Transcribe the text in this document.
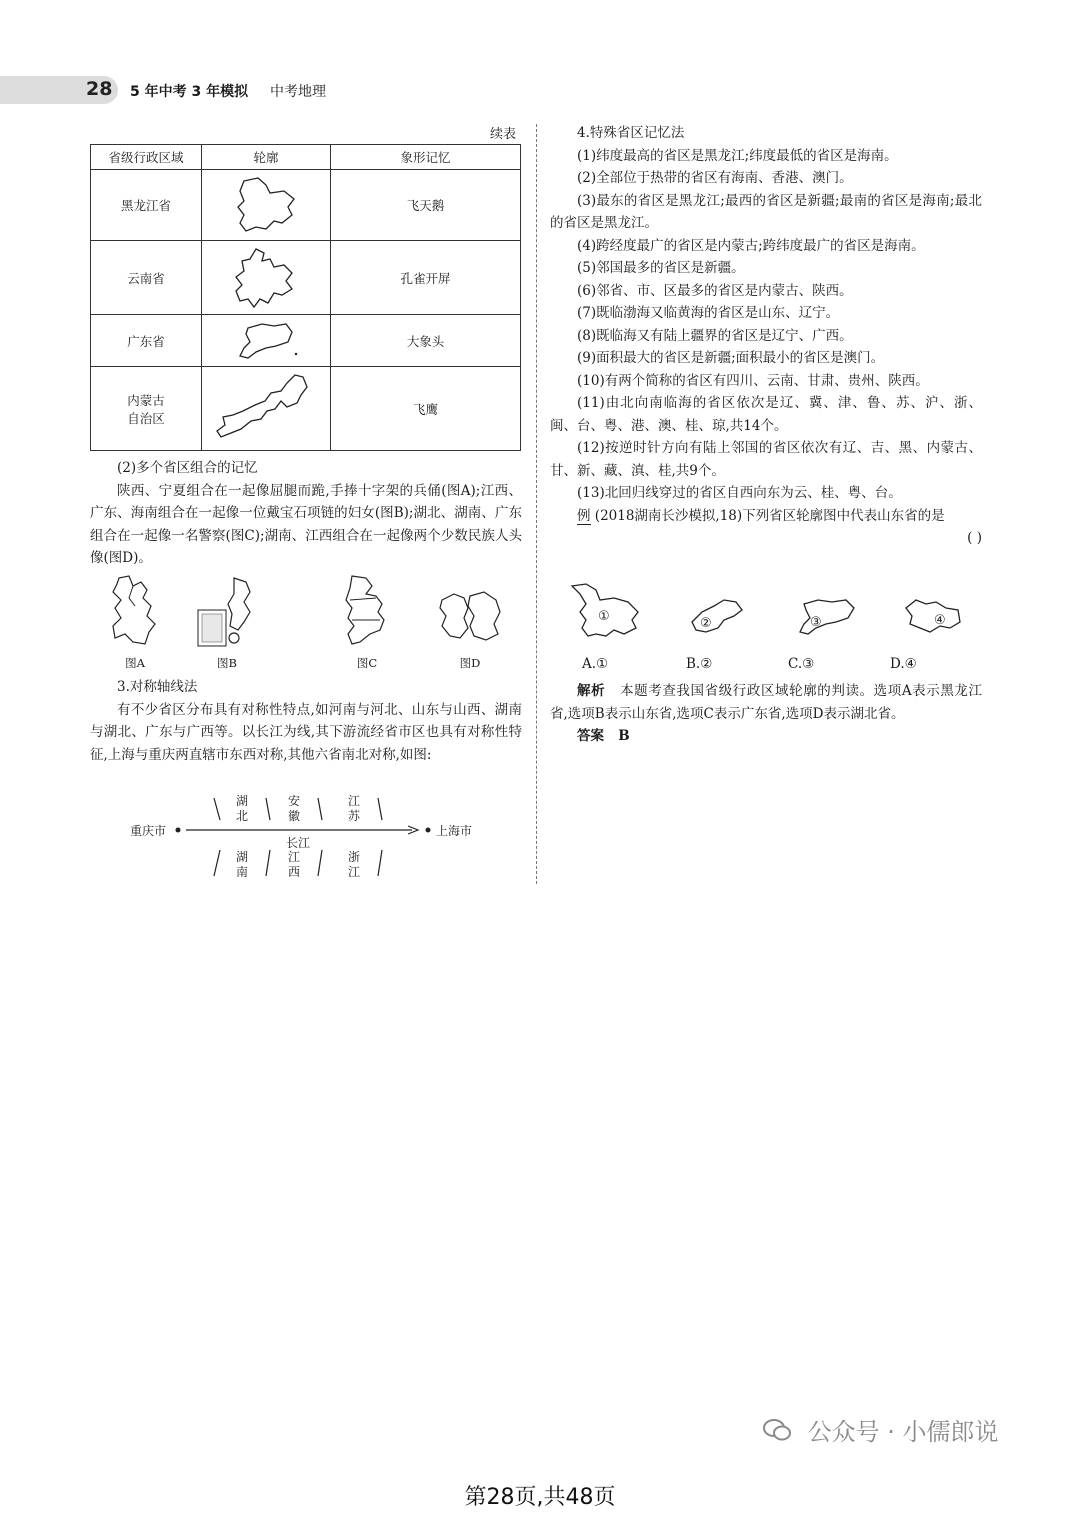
28 5 年中考 3 年模拟 中考地理
续表
省级行政区域	轮廓	象形记忆
黑龙江省		飞天鹅
云南省		孔雀开屏
广东省		大象头

内蒙古
自治区		飞鹰
(2)多个省区组合的记忆

陕西、宁夏组合在一起像屈腿而跪,手捧十字架的兵俑(图A);江西、广东、海南组合在一起像一位戴宝石项链的妇女(图B);湖北、湖南、广东组合在一起像一名警察(图C);湖南、江西组合在一起像两个少数民族人头像(图D)。

图A	图B	图C	图D
3.对称轴线法

有不少省区分布具有对称性特点,如河南与河北、山东与山西、湖南与湖北、广东与广西等。以长江为线,其下游流经省市区也具有对称性特征,上海与重庆两直辖市东西对称,其他六省南北对称,如图:

重庆市	上海市
长江
湖
北
安
徽
江
苏
湖
南
江
西
浙
江
4.特殊省区记忆法

(1)纬度最高的省区是黑龙江;纬度最低的省区是海南。

(2)全部位于热带的省区有海南、香港、澳门。

(3)最东的省区是黑龙江;最西的省区是新疆;最南的省区是海南;最北的省区是黑龙江。

(4)跨经度最广的省区是内蒙古;跨纬度最广的省区是海南。

(5)邻国最多的省区是新疆。

(6)邻省、市、区最多的省区是内蒙古、陕西。

(7)既临渤海又临黄海的省区是山东、辽宁。

(8)既临海又有陆上疆界的省区是辽宁、广西。

(9)面积最大的省区是新疆;面积最小的省区是澳门。

(10)有两个简称的省区有四川、云南、甘肃、贵州、陕西。

(11)由北向南临海的省区依次是辽、冀、津、鲁、苏、沪、浙、闽、台、粤、港、澳、桂、琼,共14个。

(12)按逆时针方向有陆上邻国的省区依次有辽、吉、黑、内蒙古、甘、新、藏、滇、桂,共9个。

(13)北回归线穿过的省区自西向东为云、桂、粤、台。

例 (2018湖南长沙模拟,18)下列省区轮廓图中代表山东省的是
( )

①	②	③	④
A.①	B.②	C.③	D.④

解析 本题考查我国省级行政区域轮廓的判读。选项A表示黑龙江省,选项B表示山东省,选项C表示广东省,选项D表示湖北省。

答案 B

公众号 · 小儒郎说
第28页,共48页
